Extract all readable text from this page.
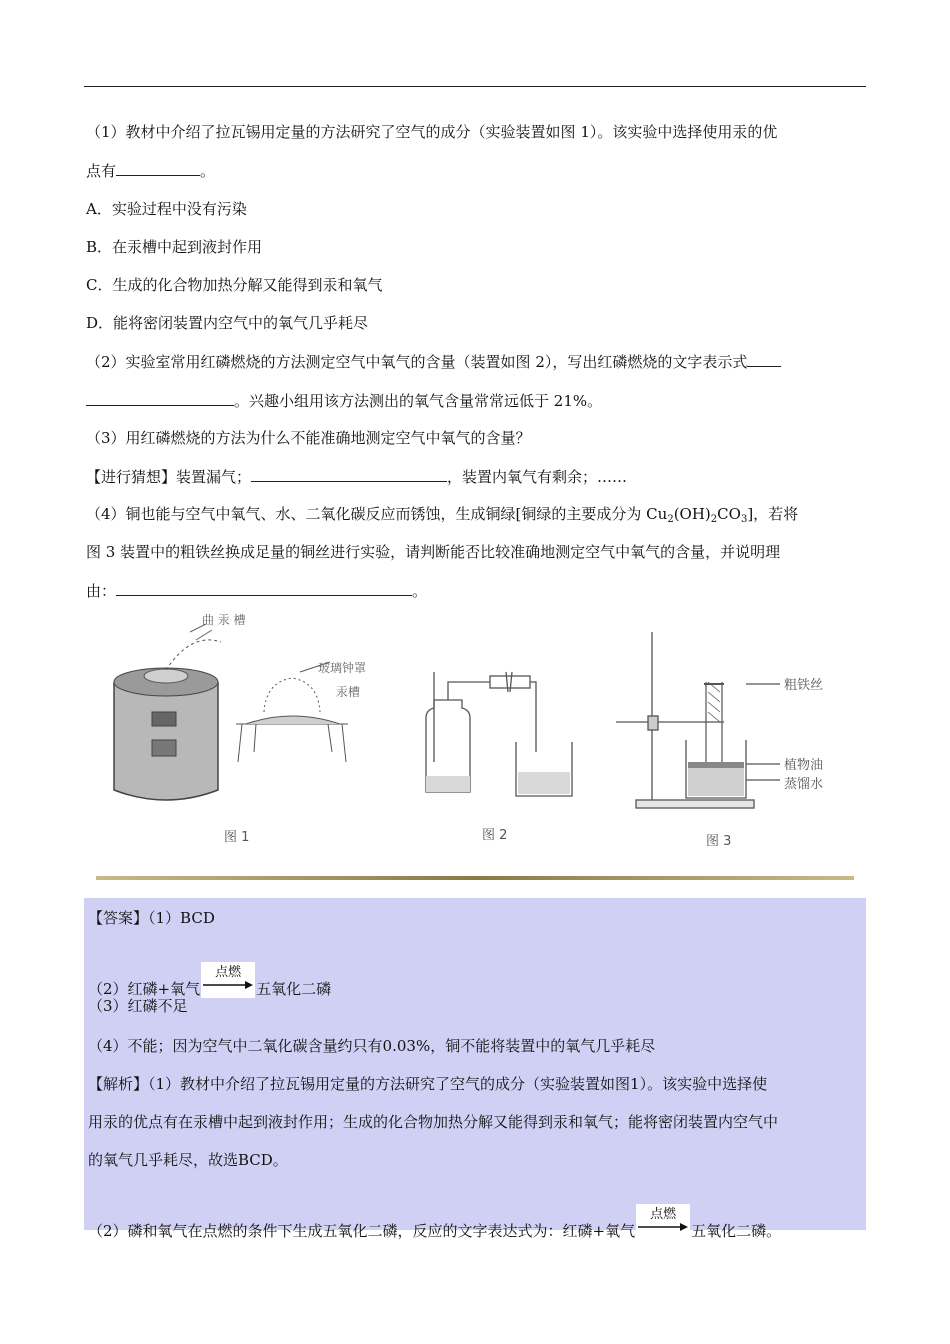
（1）教材中介绍了拉瓦锡用定量的方法研究了空气的成分（实验装置如图 1）。该实验中选择使用汞的优
点有	。
A．实验过程中没有污染
B．在汞槽中起到液封作用
C．生成的化合物加热分解又能得到汞和氧气
D．能将密闭装置内空气中的氧气几乎耗尽
（2）实验室常用红磷燃烧的方法测定空气中氧气的含量（装置如图 2），写出红磷燃烧的文字表示式
。兴趣小组用该方法测出的氧气含量常常远低于 21%。
（3）用红磷燃烧的方法为什么不能准确地测定空气中氧气的含量？
【进行猜想】装置漏气；	，装置内氧气有剩余；……
（4）铜也能与空气中氧气、水、二氧化碳反应而锈蚀，生成铜绿[铜绿的主要成分为 $Cu_2(OH)_2CO_3$]，若将
图 3 装置中的粗铁丝换成足量的铜丝进行实验，请判断能否比较准确地测定空气中氧气的含量，并说明理
由：	。
曲 汞 槽
玻璃钟罩
汞槽	粗铁丝
植物油
蒸馏水
图 1	图 2	图 3
【答案】（1）BCD
（2）红磷+氧气
点燃
五氧化二磷
（3）红磷不足
（4）不能；因为空气中二氧化碳含量约只有0.03%，铜不能将装置中的氧气几乎耗尽
【解析】（1）教材中介绍了拉瓦锡用定量的方法研究了空气的成分（实验装置如图1）。该实验中选择使
用汞的优点有在汞槽中起到液封作用；生成的化合物加热分解又能得到汞和氧气；能将密闭装置内空气中
的氧气几乎耗尽，故选BCD。
（2）磷和氧气在点燃的条件下生成五氧化二磷，反应的文字表达式为：红磷+氧气
点燃
五氧化二磷。
